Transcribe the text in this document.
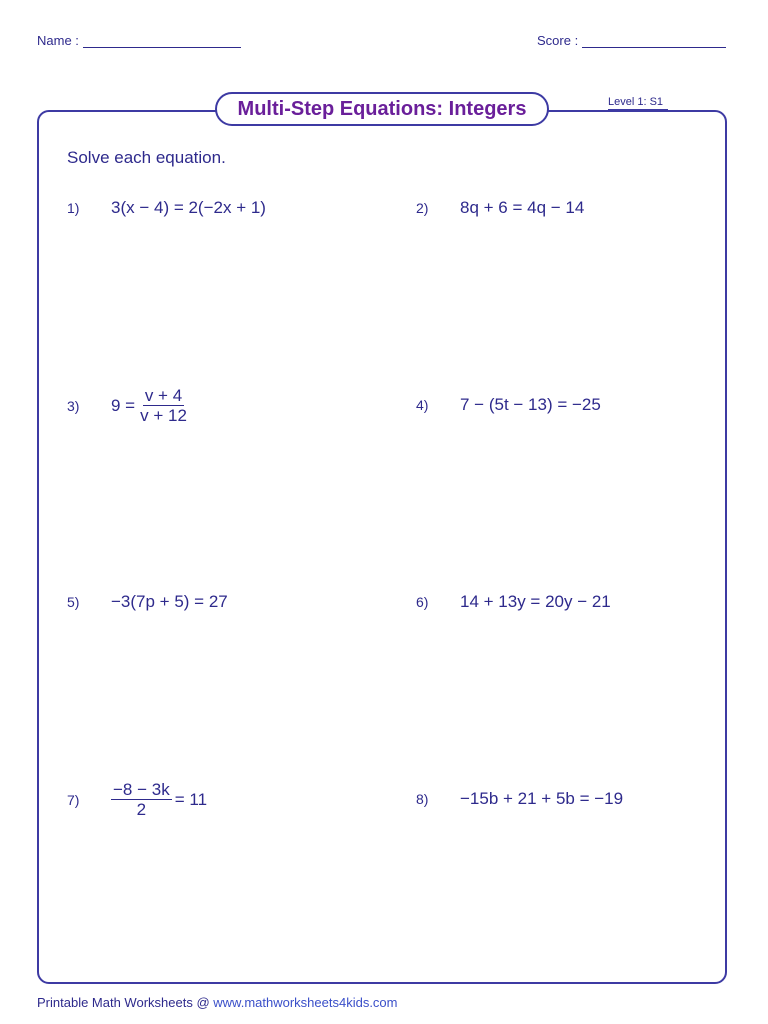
Name :	Score :
Multi-Step Equations: Integers	Level 1: S1
Solve each equation.
1)	3(x − 4) = 2(−2x + 1)	2)	8q + 6 = 4q − 14
3)	$9 = \frac{v + 4}{v + 12}$	4)	7 − (5t − 13) = −25
5)	−3(7p + 5) = 27	6)	14 + 13y = 20y − 21
7)	$\frac{-8 - 3k}{2} = 11$	8)	−15b + 21 + 5b = −19
Printable Math Worksheets @ www.mathworksheets4kids.com
